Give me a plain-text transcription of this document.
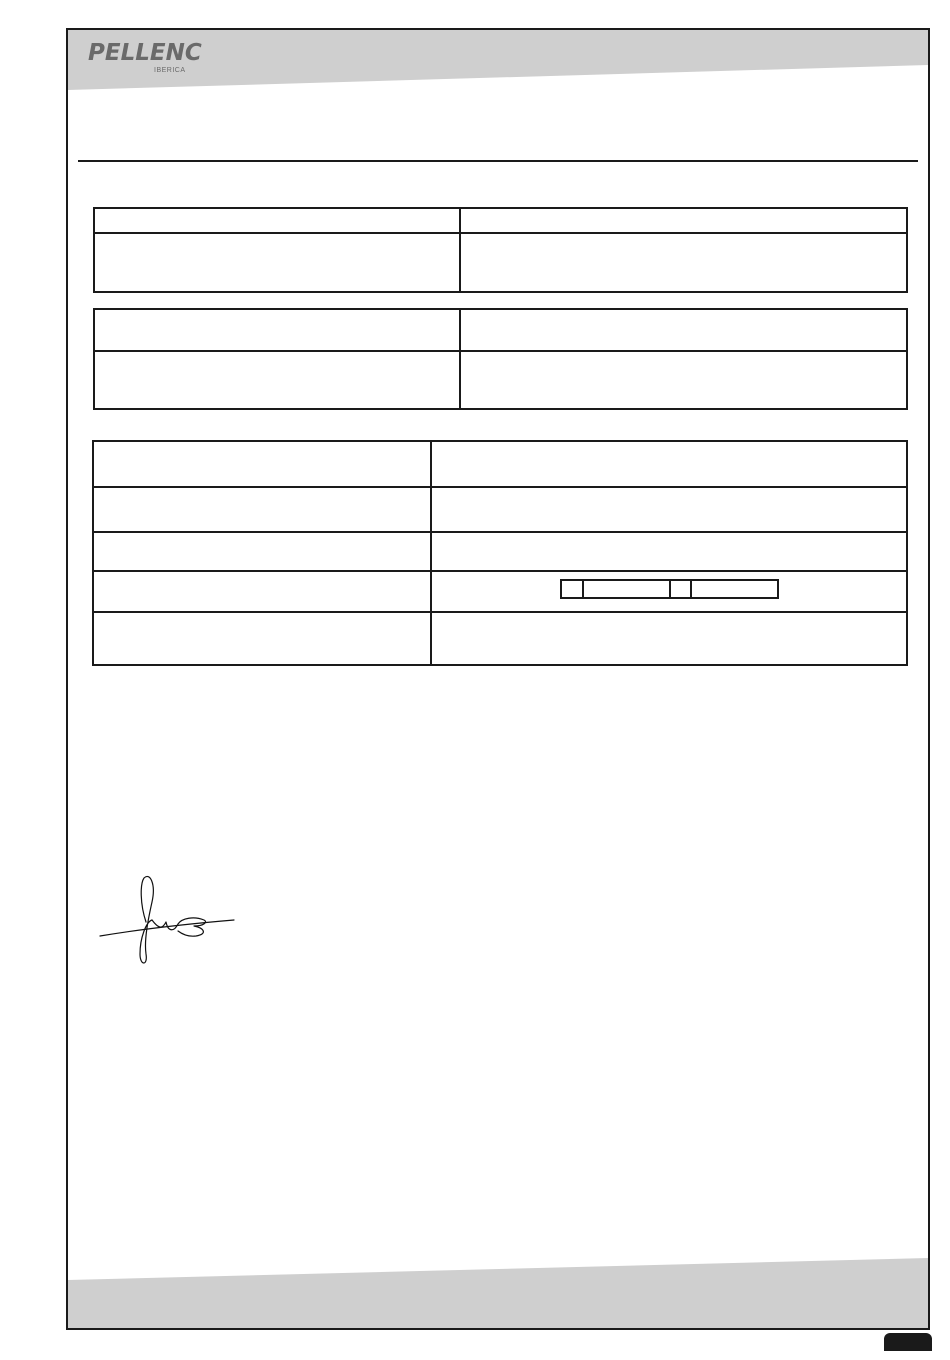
PELLENC
IBERICA
